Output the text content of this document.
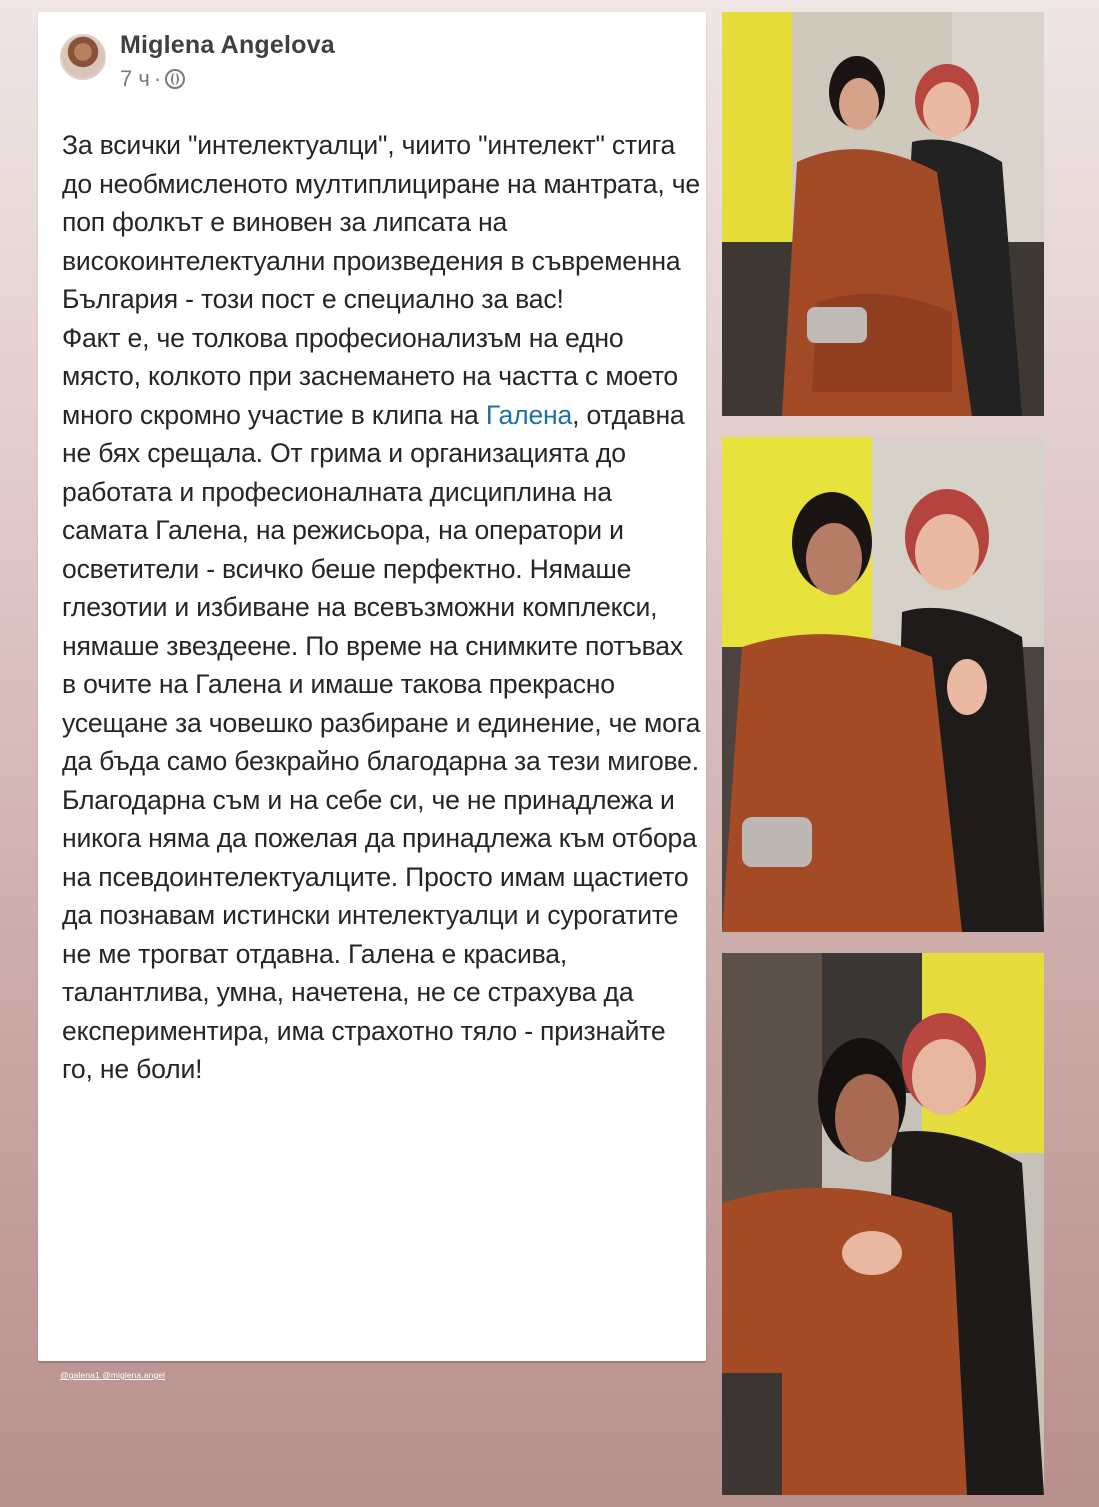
Miglena Angelova
7 ч ·

За всички "интелектуалци", чиито "интелект" стига до необмисленото мултиплициране на мантрата, че поп фолкът е виновен за липсата на високоинтелектуални произведения в съвременна България - този пост е специално за вас!

Факт е, че толкова професионализъм на едно място, колкото при заснемането на частта с моето много скромно участие в клипа на Галена, отдавна не бях срещала. От грима и организацията до работата и професионалната дисциплина на самата Галена, на режисьора, на оператори и осветители - всичко беше перфектно. Нямаше глезотии и избиване на всевъзможни комплекси, нямаше звездеене. По време на снимките потъвах в очите на Галена и имаше такова прекрасно усещане за човешко разбиране и единение, че мога да бъда само безкрайно благодарна за тези мигове. Благодарна съм и на себе си, че не принадлежа и никога няма да пожелая да принадлежа към отбора на псевдоинтелектуалците. Просто имам щастието да познавам истински интелектуалци и сурогатите не ме трогват отдавна. Галена е красива, талантлива, умна, начетена, не се страхува да експериментира, има страхотно тяло - признайте го, не боли!

@galena1 @miglena.angel
